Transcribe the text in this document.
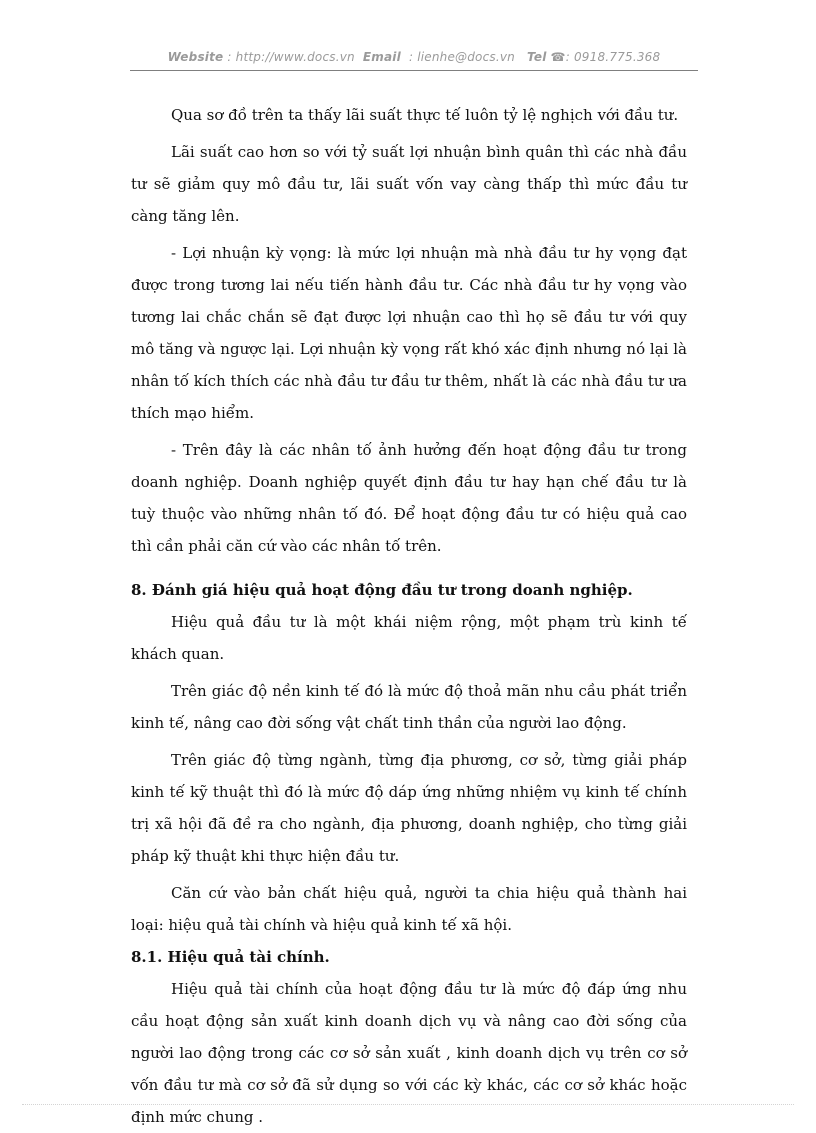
Website : http://www.docs.vn Email : lienhe@docs.vn Tel ☎: 0918.775.368

Qua sơ đồ trên ta thấy lãi suất thực tế luôn tỷ lệ nghịch với đầu tư.

Lãi suất cao hơn so với tỷ suất lợi nhuận bình quân thì các nhà đầu tư sẽ giảm quy mô đầu tư, lãi suất vốn vay càng thấp thì mức đầu tư càng tăng lên.

- Lợi nhuận kỳ vọng: là mức lợi nhuận mà nhà đầu tư hy vọng đạt được trong tương lai nếu tiến hành đầu tư. Các nhà đầu tư hy vọng vào tương lai chắc chắn sẽ đạt được lợi nhuận cao thì họ sẽ đầu tư với quy mô tăng và ngược lại. Lợi nhuận kỳ vọng rất khó xác định nhưng nó lại là nhân tố kích thích các nhà đầu tư đầu tư thêm, nhất là các nhà đầu tư ưa thích mạo hiểm.

- Trên đây là các nhân tố ảnh hưởng đến hoạt động đầu tư trong doanh nghiệp. Doanh nghiệp quyết định đầu tư hay hạn chế đầu tư là tuỳ thuộc vào những nhân tố đó. Để hoạt động đầu tư có hiệu quả cao thì cần phải căn cứ vào các nhân tố trên.

8. Đánh giá hiệu quả hoạt động đầu tư trong doanh nghiệp.

Hiệu quả đầu tư là một khái niệm rộng, một phạm trù kinh tế khách quan.

Trên giác độ nền kinh tế đó là mức độ thoả mãn nhu cầu phát triển kinh tế, nâng cao đời sống vật chất tinh thần của người lao động.

Trên giác độ từng ngành, từng địa phương, cơ sở, từng giải pháp kinh tế kỹ thuật thì đó là mức độ dáp ứng những nhiệm vụ kinh tế chính trị xã hội đã đề ra cho ngành, địa phương, doanh nghiệp, cho từng giải pháp kỹ thuật khi thực hiện đầu tư.

Căn cứ vào bản chất hiệu quả, người ta chia hiệu quả thành hai loại: hiệu quả tài chính và hiệu quả kinh tế xã hội.

8.1. Hiệu quả tài chính.

Hiệu quả tài chính của hoạt động đầu tư là mức độ đáp ứng nhu cầu hoạt động sản xuất kinh doanh dịch vụ và nâng cao đời sống của người lao động trong các cơ sở sản xuất , kinh doanh dịch vụ trên cơ sở vốn đầu tư mà cơ sở đã sử dụng so với các kỳ khác, các cơ sở khác hoặc định mức chung .
